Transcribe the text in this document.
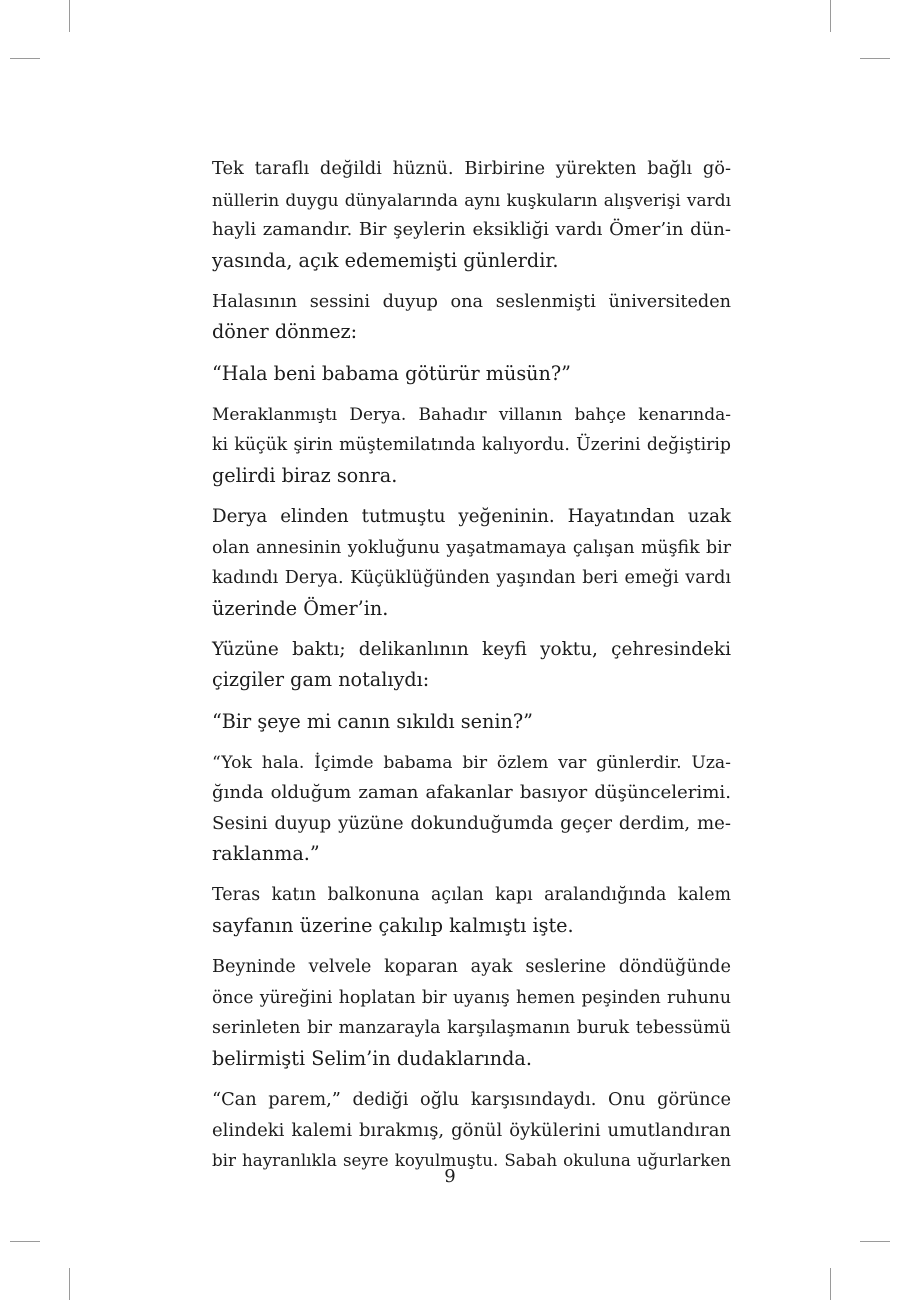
Tek taraflı değildi hüznü. Birbirine yürekten bağlı gö-
nüllerin duygu dünyalarında aynı kuşkuların alışverişi vardı
hayli zamandır. Bir şeylerin eksikliği vardı Ömer’in dün-
yasında, açık edememişti günlerdir.

Halasının sessini duyup ona seslenmişti üniversiteden
döner dönmez:

“Hala beni babama götürür müsün?”

Meraklanmıştı Derya. Bahadır villanın bahçe kenarında-
ki küçük şirin müştemilatında kalıyordu. Üzerini değiştirip
gelirdi biraz sonra.

Derya elinden tutmuştu yeğeninin. Hayatından uzak
olan annesinin yokluğunu yaşatmamaya çalışan müşfik bir
kadındı Derya. Küçüklüğünden yaşından beri emeği vardı
üzerinde Ömer’in.

Yüzüne baktı; delikanlının keyfi yoktu, çehresindeki
çizgiler gam notalıydı:

“Bir şeye mi canın sıkıldı senin?”

“Yok hala. İçimde babama bir özlem var günlerdir. Uza-
ğında olduğum zaman afakanlar basıyor düşüncelerimi.
Sesini duyup yüzüne dokunduğumda geçer derdim, me-
raklanma.”

Teras katın balkonuna açılan kapı aralandığında kalem
sayfanın üzerine çakılıp kalmıştı işte.

Beyninde velvele koparan ayak seslerine döndüğünde
önce yüreğini hoplatan bir uyanış hemen peşinden ruhunu
serinleten bir manzarayla karşılaşmanın buruk tebessümü
belirmişti Selim’in dudaklarında.

“Can parem,” dediği oğlu karşısındaydı. Onu görünce
elindeki kalemi bırakmış, gönül öykülerini umutlandıran
bir hayranlıkla seyre koyulmuştu. Sabah okuluna uğurlarken

9
